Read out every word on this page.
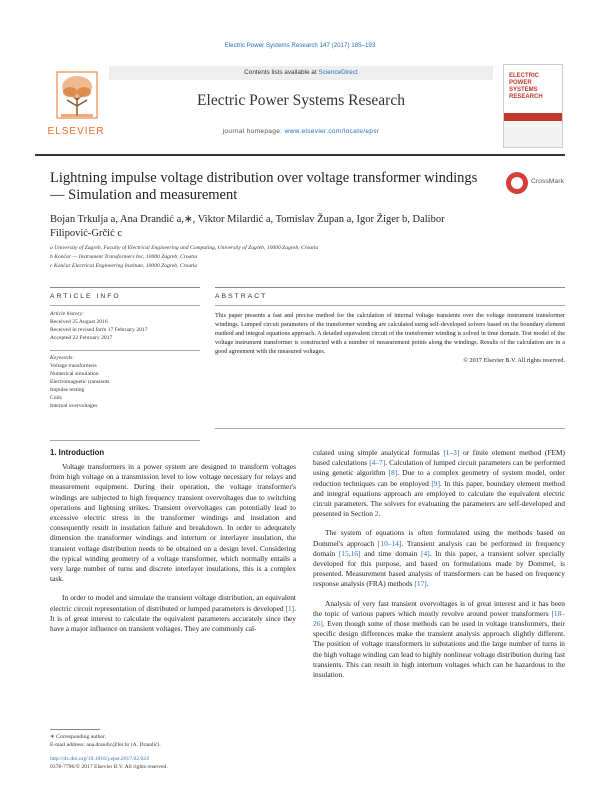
Electric Power Systems Research 147 (2017) 185–193
ELSEVIER
Contents lists available at ScienceDirect
Electric Power Systems Research
journal homepage: www.elsevier.com/locate/epsr
ELECTRIC POWER SYSTEMS RESEARCH
Lightning impulse voltage distribution over voltage transformer windings — Simulation and measurement
CrossMark
Bojan Trkulja a, Ana Drandić a,∗, Viktor Milardić a, Tomislav Župan a, Igor Žiger b, Dalibor Filipović-Grčić c
a University of Zagreb, Faculty of Electrical Engineering and Computing, University of Zagreb, 10000 Zagreb, Croatia
b Končar — Instrument Transformers Inc, 10000 Zagreb, Croatia
c Končar Electrical Engineering Institute, 10000 Zagreb, Croatia
ARTICLE INFO	ABSTRACT
Article history:
Received 25 August 2016
Received in revised form 17 February 2017
Accepted 22 February 2017
Keywords:
Voltage transformers
Numerical simulation
Electromagnetic transients
Impulse testing
Coils
Internal overvoltages
This paper presents a fast and precise method for the calculation of internal voltage transients over the voltage instrument transformer windings. Lumped circuit parameters of the transformer winding are calculated using self-developed solvers based on the boundary element method and integral equations approach. A detailed equivalent circuit of the transformer winding is solved in time domain. Test model of the voltage instrument transformer is constructed with a number of measurement points along the windings. Results of the calculation are in a good agreement with the measured voltages.
© 2017 Elsevier B.V. All rights reserved.
1. Introduction

Voltage transformers in a power system are designed to transform voltages from high voltage on a transmission level to low voltage necessary for relays and measurement equipment. During their operation, the voltage transformer's windings are subjected to high frequency transient overvoltages due to switching operations and lightning strikes. Transient overvoltages can potentially lead to excessive electric stress in the transformer windings and insulation and consequently result in insulation failure and breakdown. In order to adequately dimension the transformer windings and interturn or interlayer insulation, the transient voltage distribution needs to be obtained on a design level. Considering the typical winding geometry of a voltage transformer, which normally entails a very large number of turns and discrete interlayer insulations, this is a complex task.

In order to model and simulate the transient voltage distribution, an equivalent electric circuit representation of distributed or lumped parameters is developed [1]. It is of great interest to calculate the equivalent parameters accurately since they have a major influence on transient voltages. They are commonly cal-

culated using simple analytical formulas [1–3] or finite element method (FEM) based calculations [4–7]. Calculation of lumped circuit parameters can be performed using genetic algorithm [8]. Due to a complex geometry of system model, order reduction techniques can be employed [9]. In this paper, boundary element method and integral equations approach are employed to calculate the equivalent electric circuit parameters. The solvers for evaluating the parameters are self-developed and presented in Section 2.

The system of equations is often formulated using the methods based on Dommel's approach [10–14]. Transient analysis can be performed in frequency domain [15,16] and time domain [4]. In this paper, a transient solver specially developed for this purpose, and based on formulations made by Dommel, is presented. Measurement based analysis of transformers can be based on frequency response analysis (FRA) methods [17].

Analysis of very fast transient overvoltages is of great interest and it has been the topic of various papers which mostly revolve around power transformers [18–26]. Even though some of those methods can be used in voltage transformers, their specific design differences make the transient analysis approach slightly different. The position of voltage transformers in substations and the large number of turns in the high voltage winding can lead to highly nonlinear voltage distribution during fast transients. This can result in high interturn voltages which can be hazardous to the insulation.

∗ Corresponding author.
E-mail address: ana.drandic@fer.hr (A. Drandić).
http://dx.doi.org/10.1016/j.epsr.2017.02.024
0378-7796/© 2017 Elsevier B.V. All rights reserved.
